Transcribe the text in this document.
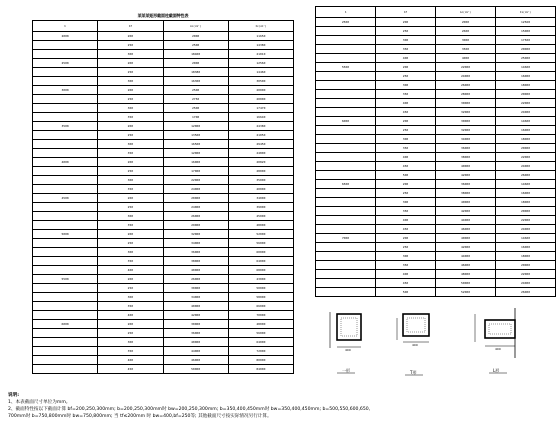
某某某矩形截面柱截面特性表
h	bf	Ac(cm²)	Ix(cm⁴)
2000	200	2000	11650
	250	2500	14380
	300	18400	21010
2500	200	2000	12560
	250	18380	14460
	300	16300	30500
3000	200	2500	20000
	250	2750	20000
	300	2500	17470
	350	1700	16640
3500	200	12000	24380
	250	13500	21050
	300	16500	29450
	350	12000	24800
4000	200	16000	20820
	250	17000	28000
	300	22000	35000
	350	24000	40000
4500	200	20000	34000
	250	24000	39000
	300	26000	45000
	350	29000	48000
5000	200	32000	52000
	250	34000	56000
	300	36000	60000
	350	38000	64000
	400	40000	68000
5500	200	26000	43000
	250	30000	50000
	300	34000	58000
	350	40000	66000
	400	42000	70000
6000	200	30000	48000
	250	36000	56000
	300	40000	64000
	350	44000	72000
	400	46000	80000
	450	50000	84000
h	bf	Ac(cm²)	Ix(cm⁴)
2500	200	2000	12568
	250	2600	15000
	300	3000	17500
	350	3500	20000
	400	4000	25000
5500	200	22000	14600
	250	24000	16000
	300	26000	18000
	350	28000	20000
	400	30000	22000
	450	32000	24000
6000	200	30000	14600
	250	32000	16000
	300	34000	18000
	350	36000	20000
	400	38000	22000
	450	40000	24000
	500	42000	26000
6500	200	36000	14600
	250	38000	16000
	300	40000	18000
	350	42000	20000
	400	44000	22000
	450	46000	24000
7000	200	40000	14600
	250	42000	16000
	300	44000	18000
	350	46000	20000
	400	48000	22000
	450	50000	24000
	500	52000	26000
400
一形
400
T形
400
L形
说明:
1、本表截面尺寸单位为mm。
2、截面特性按以下截面计算 bf=200,250,300mm; b=200,250,300mm时 bw=200,250,300mm; b=350,400,450mm时 bw=350,400,450mm; b=500,550,600,650,
700mm时 b=750,800mm时 bw=750,800mm; 当 tf≤200mm 时 bw=400,bf=250等; 其他截面尺寸按实际情况另行计算。
